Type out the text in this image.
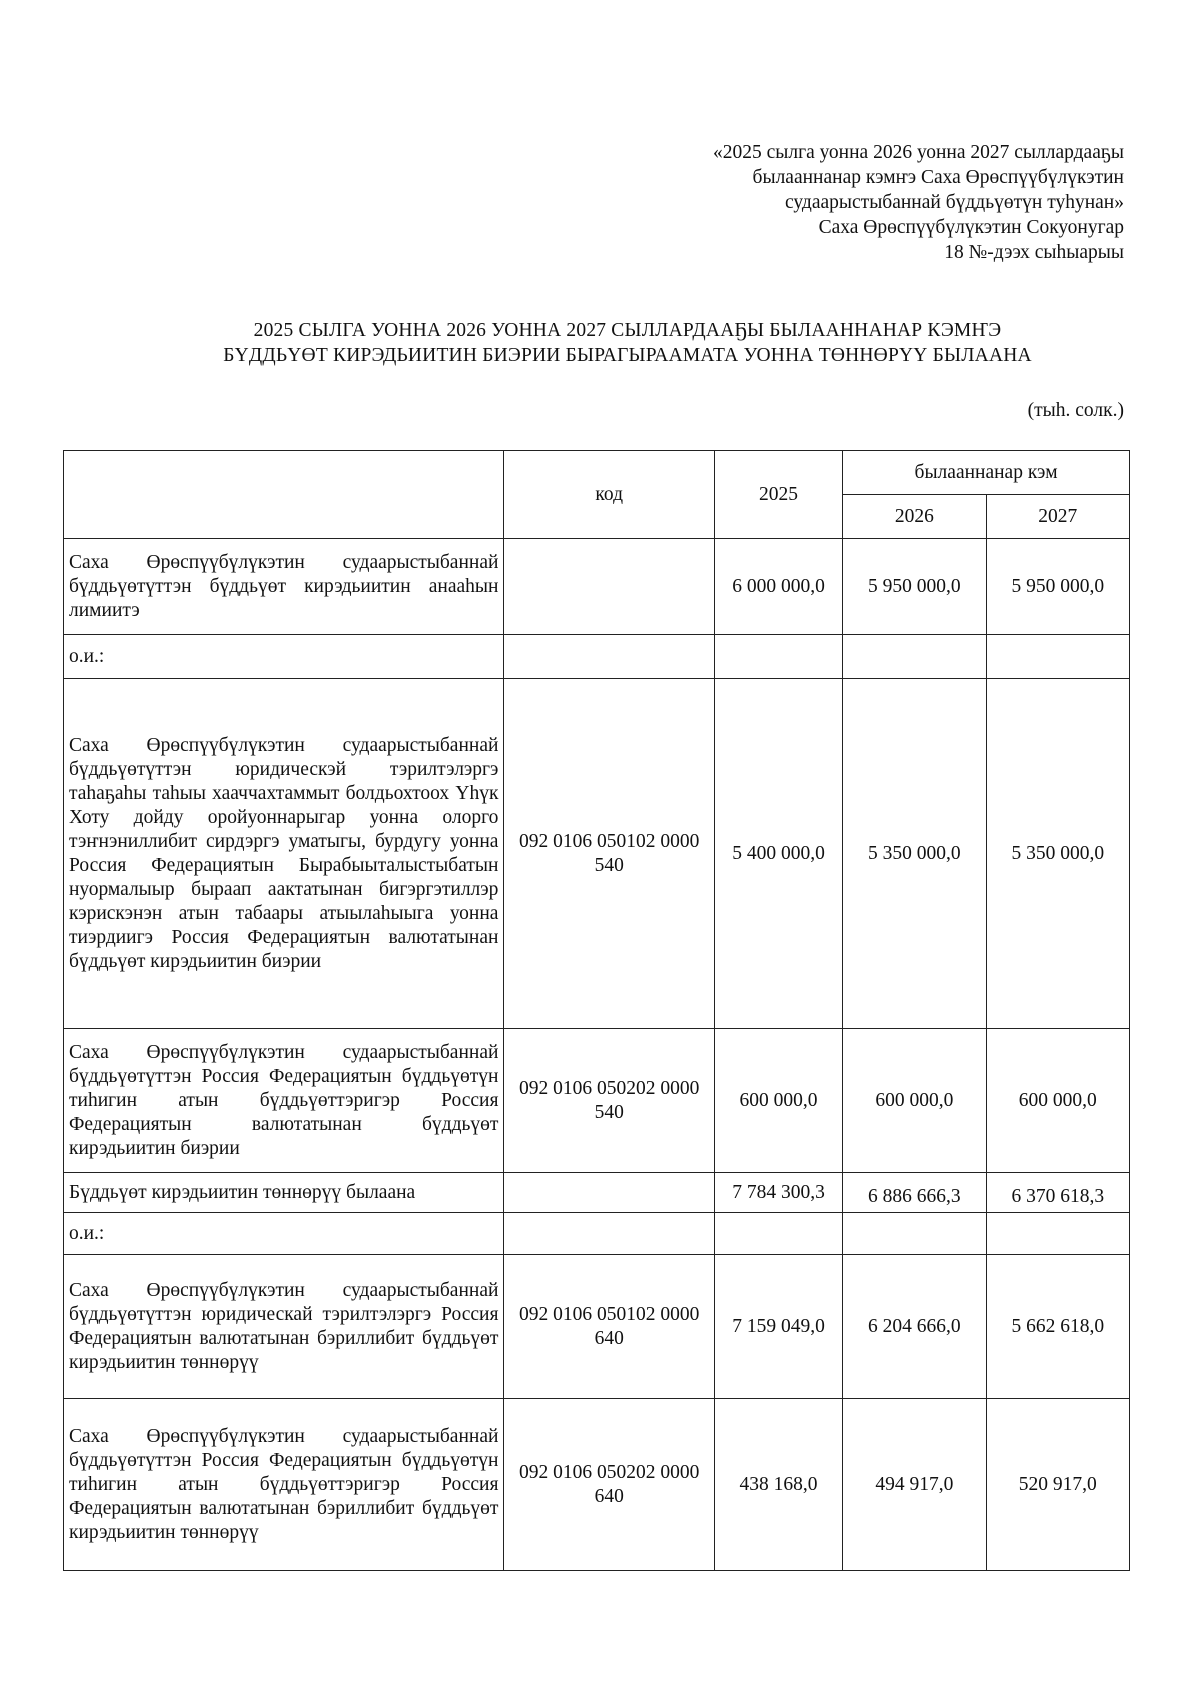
«2025 сылга уонна 2026 уонна 2027 сыллардааҕы
былааннанар кэмҥэ Саха Өрөспүүбүлүкэтин
судаарыстыбаннай бүддьүөтүн туһунан»
Саха Өрөспүүбүлүкэтин Сокуонугар
18 №-дээх сыһыарыы
2025 СЫЛГА УОННА 2026 УОННА 2027 СЫЛЛАРДААҔЫ БЫЛААННАНАР КЭМҤЭ
БҮДДЬҮӨТ КИРЭДЬИИТИН БИЭРИИ БЫРАГЫРААМАТА УОННА ТӨННӨРҮҮ БЫЛААНА
(тыһ. солк.)
	код	2025	былааннанар кэм	
			2026	2027
Саха Өрөспүүбүлүкэтин судаарыстыбаннай бүддьүөтүттэн бүддьүөт кирэдьиитин анааһын лимиитэ		6 000 000,0	5 950 000,0	5 950 000,0
о.и.:				
Саха Өрөспүүбүлүкэтин судаарыстыбаннай бүддьүөтүттэн юридическэй тэрилтэлэргэ таһаҕаһы таһыы хааччахтаммыт болдьохтоох Үһүк Хоту дойду оройуоннарыгар уонна олорго тэҥнэниллибит сирдэргэ уматыгы, бурдугу уонна Россия Федерациятын Бырабыыталыстыбатын нуормалыыр быраап аактатынан бигэргэтиллэр кэрискэнэн атын табаары атыылаһыыга уонна тиэрдиигэ Россия Федерациятын валютатынан бүддьүөт кирэдьиитин биэрии	092 0106 050102 0000 540	5 400 000,0	5 350 000,0	5 350 000,0
Саха Өрөспүүбүлүкэтин судаарыстыбаннай бүддьүөтүттэн Россия Федерациятын бүддьүөтүн тиһигин атын бүддьүөттэригэр Россия Федерациятын валютатынан бүддьүөт кирэдьиитин биэрии	092 0106 050202 0000 540	600 000,0	600 000,0	600 000,0
Бүддьүөт кирэдьиитин төннөрүү былаана		7 784 300,3	6 886 666,3	6 370 618,3
о.и.:				
Саха Өрөспүүбүлүкэтин судаарыстыбаннай бүддьүөтүттэн юридическай тэрилтэлэргэ Россия Федерациятын валютатынан бэриллибит бүддьүөт кирэдьиитин төннөрүү	092 0106 050102 0000 640	7 159 049,0	6 204 666,0	5 662 618,0
Саха Өрөспүүбүлүкэтин судаарыстыбаннай бүддьүөтүттэн Россия Федерациятын бүддьүөтүн тиһигин атын бүддьүөттэригэр Россия Федерациятын валютатынан бэриллибит бүддьүөт кирэдьиитин төннөрүү	092 0106 050202 0000 640	438 168,0	494 917,0	520 917,0
